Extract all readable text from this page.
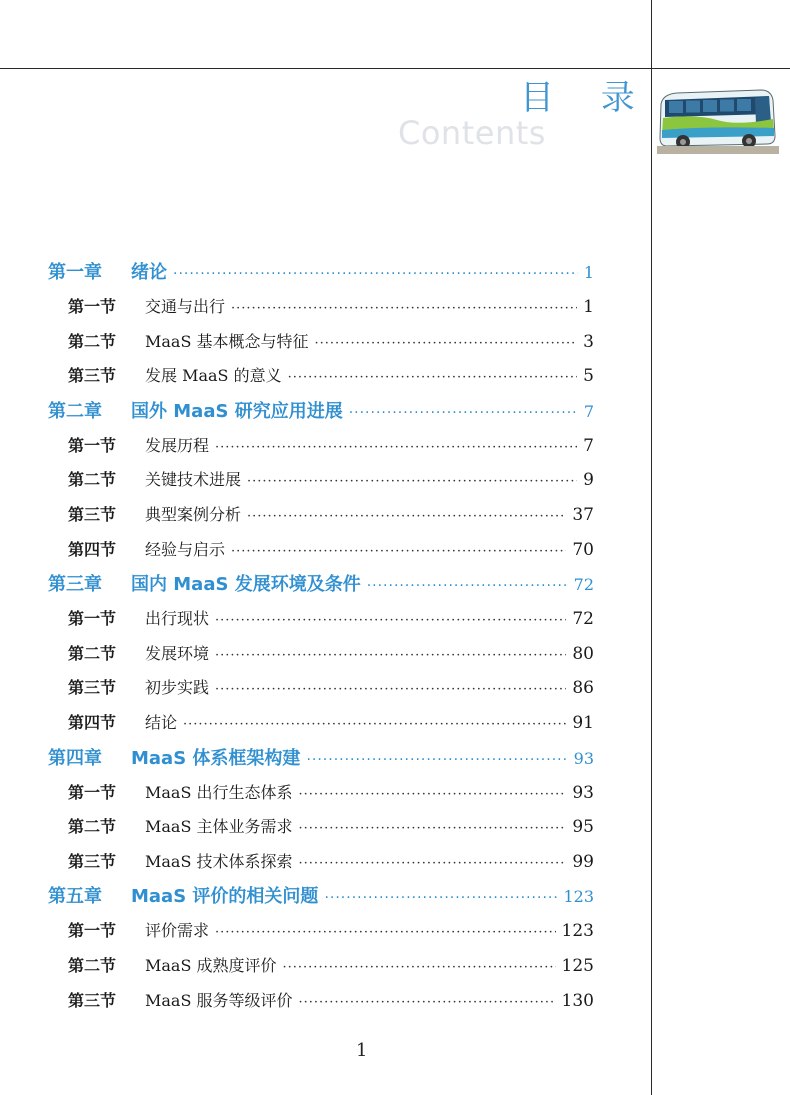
目 录
Contents
第一章	绪论 ·····	1
第一节	交通与出行 ·····	1
第二节	MaaS 基本概念与特征 ·····	3
第三节	发展 MaaS 的意义 ·····	5
第二章	国外 MaaS 研究应用进展 ·····	7
第一节	发展历程 ·····	7
第二节	关键技术进展 ·····	9
第三节	典型案例分析 ·····	37
第四节	经验与启示 ·····	70
第三章	国内 MaaS 发展环境及条件 ·····	72
第一节	出行现状 ·····	72
第二节	发展环境 ·····	80
第三节	初步实践 ·····	86
第四节	结论 ·····	91
第四章	MaaS 体系框架构建 ·····	93
第一节	MaaS 出行生态体系 ·····	93
第二节	MaaS 主体业务需求 ·····	95
第三节	MaaS 技术体系探索 ·····	99
第五章	MaaS 评价的相关问题 ·····	123
第一节	评价需求 ·····	123
第二节	MaaS 成熟度评价 ·····	125
第三节	MaaS 服务等级评价 ·····	130
1
